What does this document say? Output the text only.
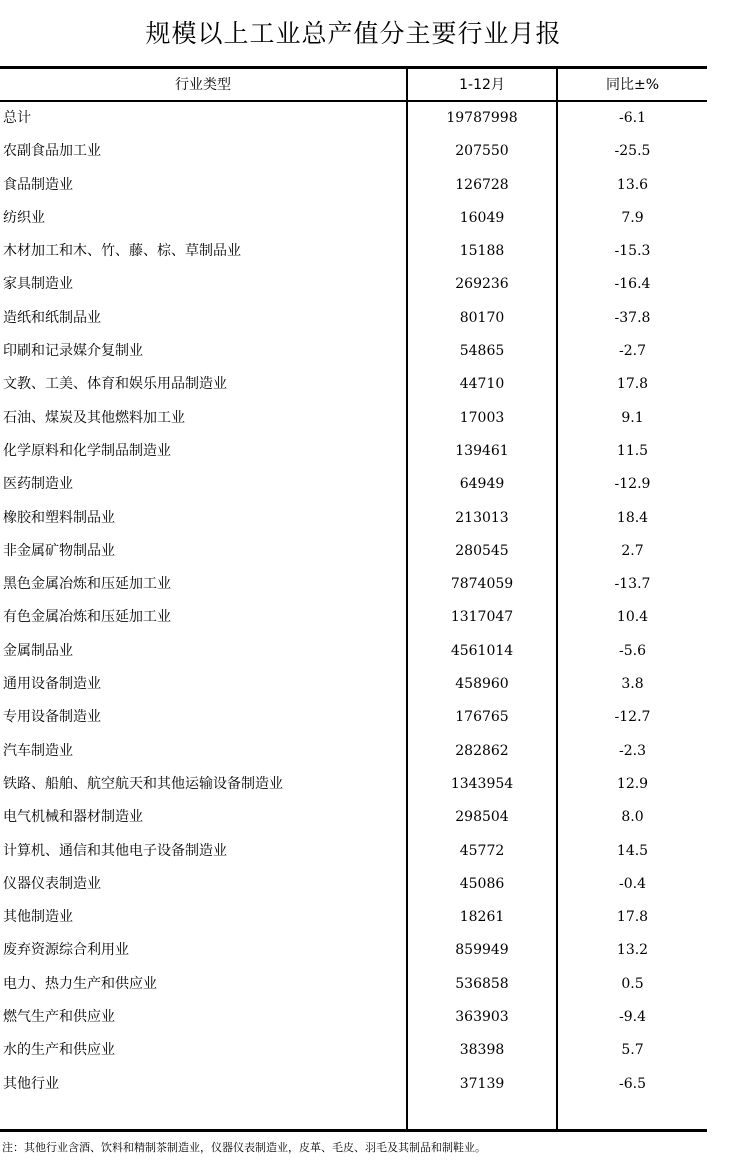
规模以上工业总产值分主要行业月报
行业类型	1-12月	同比±%
总计	19787998	-6.1
农副食品加工业	207550	-25.5
食品制造业	126728	13.6
纺织业	16049	7.9
木材加工和木、竹、藤、棕、草制品业	15188	-15.3
家具制造业	269236	-16.4
造纸和纸制品业	80170	-37.8
印刷和记录媒介复制业	54865	-2.7
文教、工美、体育和娱乐用品制造业	44710	17.8
石油、煤炭及其他燃料加工业	17003	9.1
化学原料和化学制品制造业	139461	11.5
医药制造业	64949	-12.9
橡胶和塑料制品业	213013	18.4
非金属矿物制品业	280545	2.7
黑色金属冶炼和压延加工业	7874059	-13.7
有色金属冶炼和压延加工业	1317047	10.4
金属制品业	4561014	-5.6
通用设备制造业	458960	3.8
专用设备制造业	176765	-12.7
汽车制造业	282862	-2.3
铁路、船舶、航空航天和其他运输设备制造业	1343954	12.9
电气机械和器材制造业	298504	8.0
计算机、通信和其他电子设备制造业	45772	14.5
仪器仪表制造业	45086	-0.4
其他制造业	18261	17.8
废弃资源综合利用业	859949	13.2
电力、热力生产和供应业	536858	0.5
燃气生产和供应业	363903	-9.4
水的生产和供应业	38398	5.7
其他行业	37139	-6.5
注：其他行业含酒、饮料和精制茶制造业，仪器仪表制造业，皮革、毛皮、羽毛及其制品和制鞋业。
